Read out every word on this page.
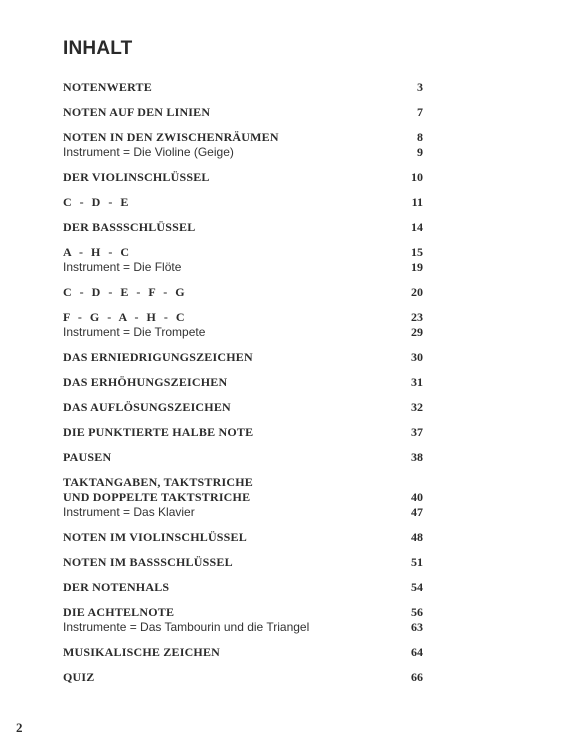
INHALT
NOTENWERTE	3
NOTEN AUF DEN LINIEN	7
NOTEN IN DEN ZWISCHENRÄUMEN	8
Instrument = Die Violine (Geige)	9
DER VIOLINSCHLÜSSEL	10
C - D - E	11
DER BASSSCHLÜSSEL	14
A - H - C	15
Instrument = Die Flöte	19
C - D - E - F - G	20
F - G - A - H - C	23
Instrument = Die Trompete	29
DAS ERNIEDRIGUNGSZEICHEN	30
DAS ERHÖHUNGSZEICHEN	31
DAS AUFLÖSUNGSZEICHEN	32
DIE PUNKTIERTE HALBE NOTE	37
PAUSEN	38
TAKTANGABEN, TAKTSTRICHE
UND DOPPELTE TAKTSTRICHE	40
Instrument = Das Klavier	47
NOTEN IM VIOLINSCHLÜSSEL	48
NOTEN IM BASSSCHLÜSSEL	51
DER NOTENHALS	54
DIE ACHTELNOTE	56
Instrumente = Das Tambourin und die Triangel	63
MUSIKALISCHE ZEICHEN	64
QUIZ	66
2
